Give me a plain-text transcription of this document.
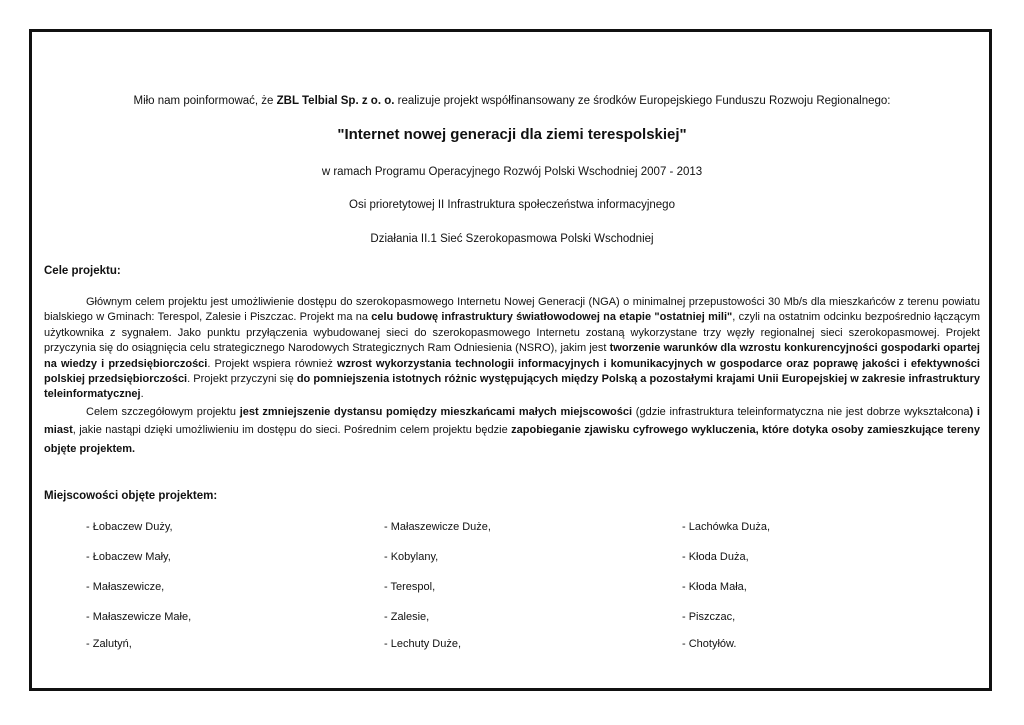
Miło nam poinformować, że ZBL Telbial Sp. z o. o. realizuje projekt współfinansowany ze środków Europejskiego Funduszu Rozwoju Regionalnego:
"Internet nowej generacji dla ziemi terespolskiej"
w ramach Programu Operacyjnego Rozwój Polski Wschodniej 2007 - 2013
Osi prioretytowej II Infrastruktura społeczeństwa informacyjnego
Działania II.1 Sieć Szerokopasmowa Polski Wschodniej
Cele projektu:

Głównym celem projektu jest umożliwienie dostępu do szerokopasmowego Internetu Nowej Generacji (NGA) o minimalnej przepustowości 30 Mb/s dla mieszkańców z terenu powiatu bialskiego w Gminach: Terespol, Zalesie i Piszczac. Projekt ma na celu budowę infrastruktury światłowodowej na etapie "ostatniej mili", czyli na ostatnim odcinku bezpośrednio łączącym użytkownika z sygnałem. Jako punktu przyłączenia wybudowanej sieci do szerokopasmowego Internetu zostaną wykorzystane trzy węzły regionalnej sieci szerokopasmowej. Projekt przyczynia się do osiągnięcia celu strategicznego Narodowych Strategicznych Ram Odniesienia (NSRO), jakim jest tworzenie warunków dla wzrostu konkurencyjności gospodarki opartej na wiedzy i przedsiębiorczości. Projekt wspiera również wzrost wykorzystania technologii informacyjnych i komunikacyjnych w gospodarce oraz poprawę jakości i efektywności polskiej przedsiębiorczości. Projekt przyczyni się do pomniejszenia istotnych różnic występujących między Polską a pozostałymi krajami Unii Europejskiej w zakresie infrastruktury teleinformatycznej.

Celem szczegółowym projektu jest zmniejszenie dystansu pomiędzy mieszkańcami małych miejscowości (gdzie infrastruktura teleinformatyczna nie jest dobrze wykształcona) i miast, jakie nastąpi dzięki umożliwieniu im dostępu do sieci. Pośrednim celem projektu będzie zapobieganie zjawisku cyfrowego wykluczenia, które dotyka osoby zamieszkujące tereny objęte projektem.

Miejscowości objęte projektem:
- Łobaczew Duży,
- Łobaczew Mały,
- Małaszewicze,
- Małaszewicze Małe,
- Zalutyń,
- Małaszewicze Duże,
- Kobylany,
- Terespol,
- Zalesie,
- Lechuty Duże,
- Lachówka Duża,
- Kłoda Duża,
- Kłoda Mała,
- Piszczac,
- Chotyłów.
